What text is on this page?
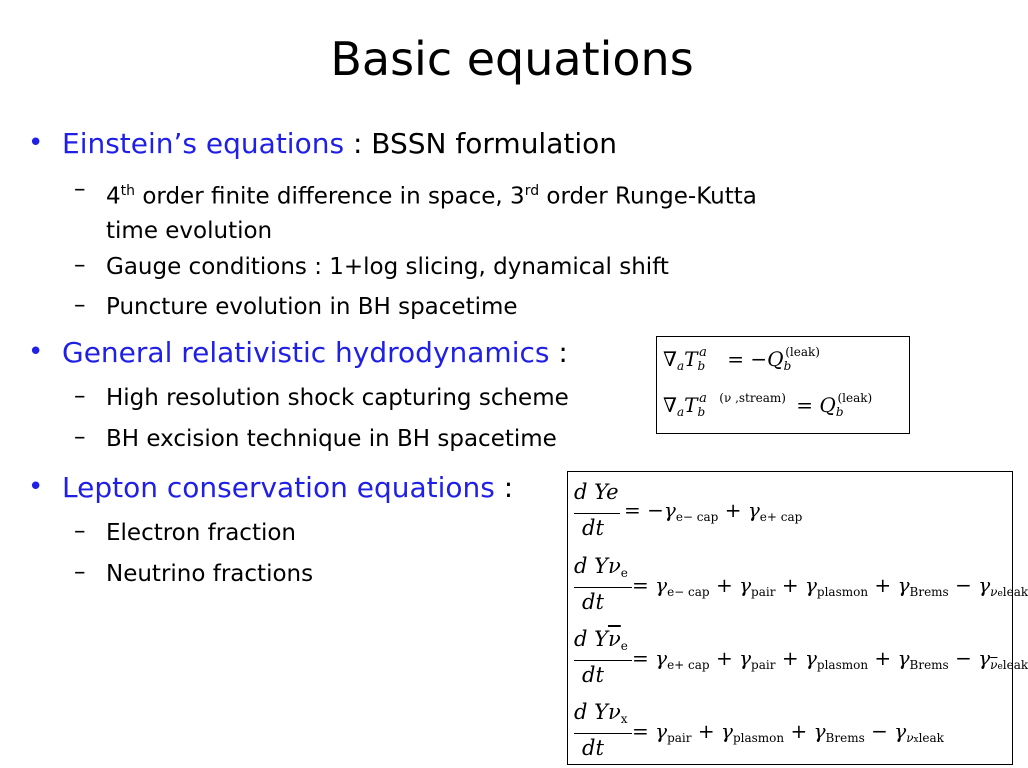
Basic equations
• Einstein’s equations : BSSN formulation
– 4th order finite difference in space, 3rd order Runge-Kutta
time evolution
– Gauge conditions : 1+log slicing, dynamical shift
– Puncture evolution in BH spacetime
• General relativistic hydrodynamics :
– High resolution shock capturing scheme
– BH excision technique in BH spacetime
• Lepton conservation equations :
– Electron fraction
– Neutrino fractions
$\nabla_aT_b^a = -Q_b^{(leak)}$
$\nabla_aT_b^a$ $^{(\nu ,stream)} = Q_b^{(leak)}$
d Ye
dt
= $-\gamma_{e- cap} + \gamma_{e+ cap}$
d Yνe
dt
= $\gamma_{e- cap} + \gamma_{pair} + \gamma_{plasmon} + \gamma_{Brems} - \gamma_{\nu eleak}$
d $Y\overline{\nu}e$
dt
= $\gamma_{e+ cap} + \gamma_{pair} + \gamma_{plasmon} + \gamma_{Brems} - \gamma_{\overline{\nu}eleak}$
d Yνx
dt
= $\gamma_{pair} + \gamma_{plasmon} + \gamma_{Brems} - \gamma_{\nu xleak}$
